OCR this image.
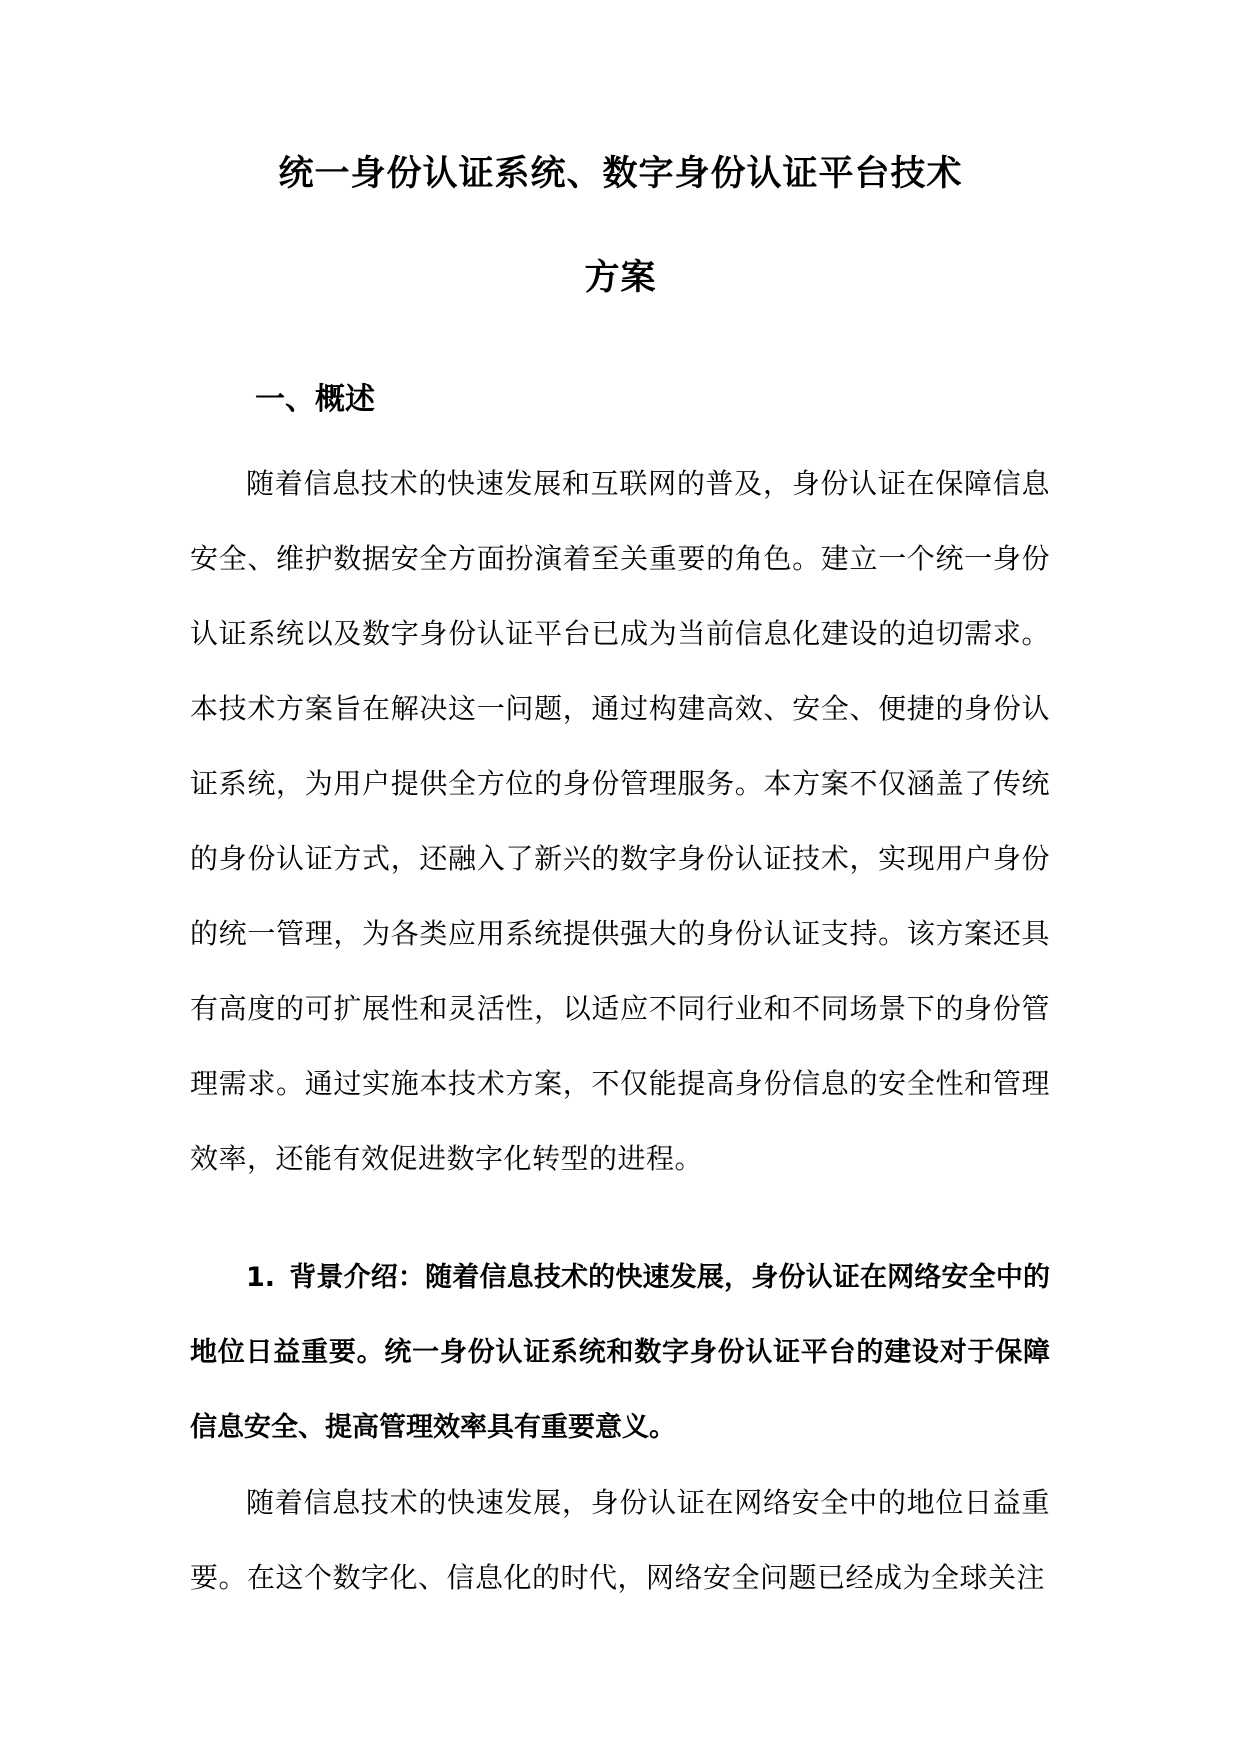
统一身份认证系统、数字身份认证平台技术
方案
一、概述

随着信息技术的快速发展和互联网的普及，身份认证在保障信息安全、维护数据安全方面扮演着至关重要的角色。建立一个统一身份认证系统以及数字身份认证平台已成为当前信息化建设的迫切需求。本技术方案旨在解决这一问题，通过构建高效、安全、便捷的身份认证系统，为用户提供全方位的身份管理服务。本方案不仅涵盖了传统的身份认证方式，还融入了新兴的数字身份认证技术，实现用户身份的统一管理，为各类应用系统提供强大的身份认证支持。该方案还具有高度的可扩展性和灵活性，以适应不同行业和不同场景下的身份管理需求。通过实施本技术方案，不仅能提高身份信息的安全性和管理效率，还能有效促进数字化转型的进程。

1. 背景介绍：随着信息技术的快速发展，身份认证在网络安全中的地位日益重要。统一身份认证系统和数字身份认证平台的建设对于保障信息安全、提高管理效率具有重要意义。

随着信息技术的快速发展，身份认证在网络安全中的地位日益重要。在这个数字化、信息化的时代，网络安全问题已经成为全球关注
